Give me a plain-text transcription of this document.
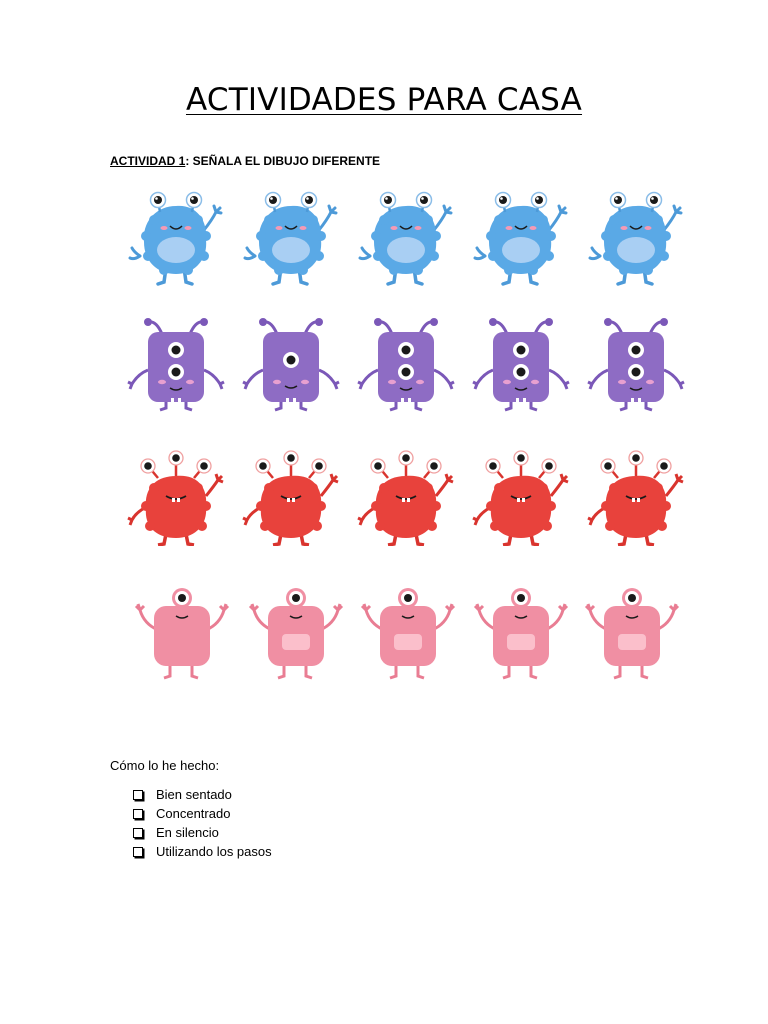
ACTIVIDADES PARA CASA
ACTIVIDAD 1: SEÑALA EL DIBUJO DIFERENTE
Cómo lo he hecho:
Bien sentado
Concentrado
En silencio
Utilizando los pasos
